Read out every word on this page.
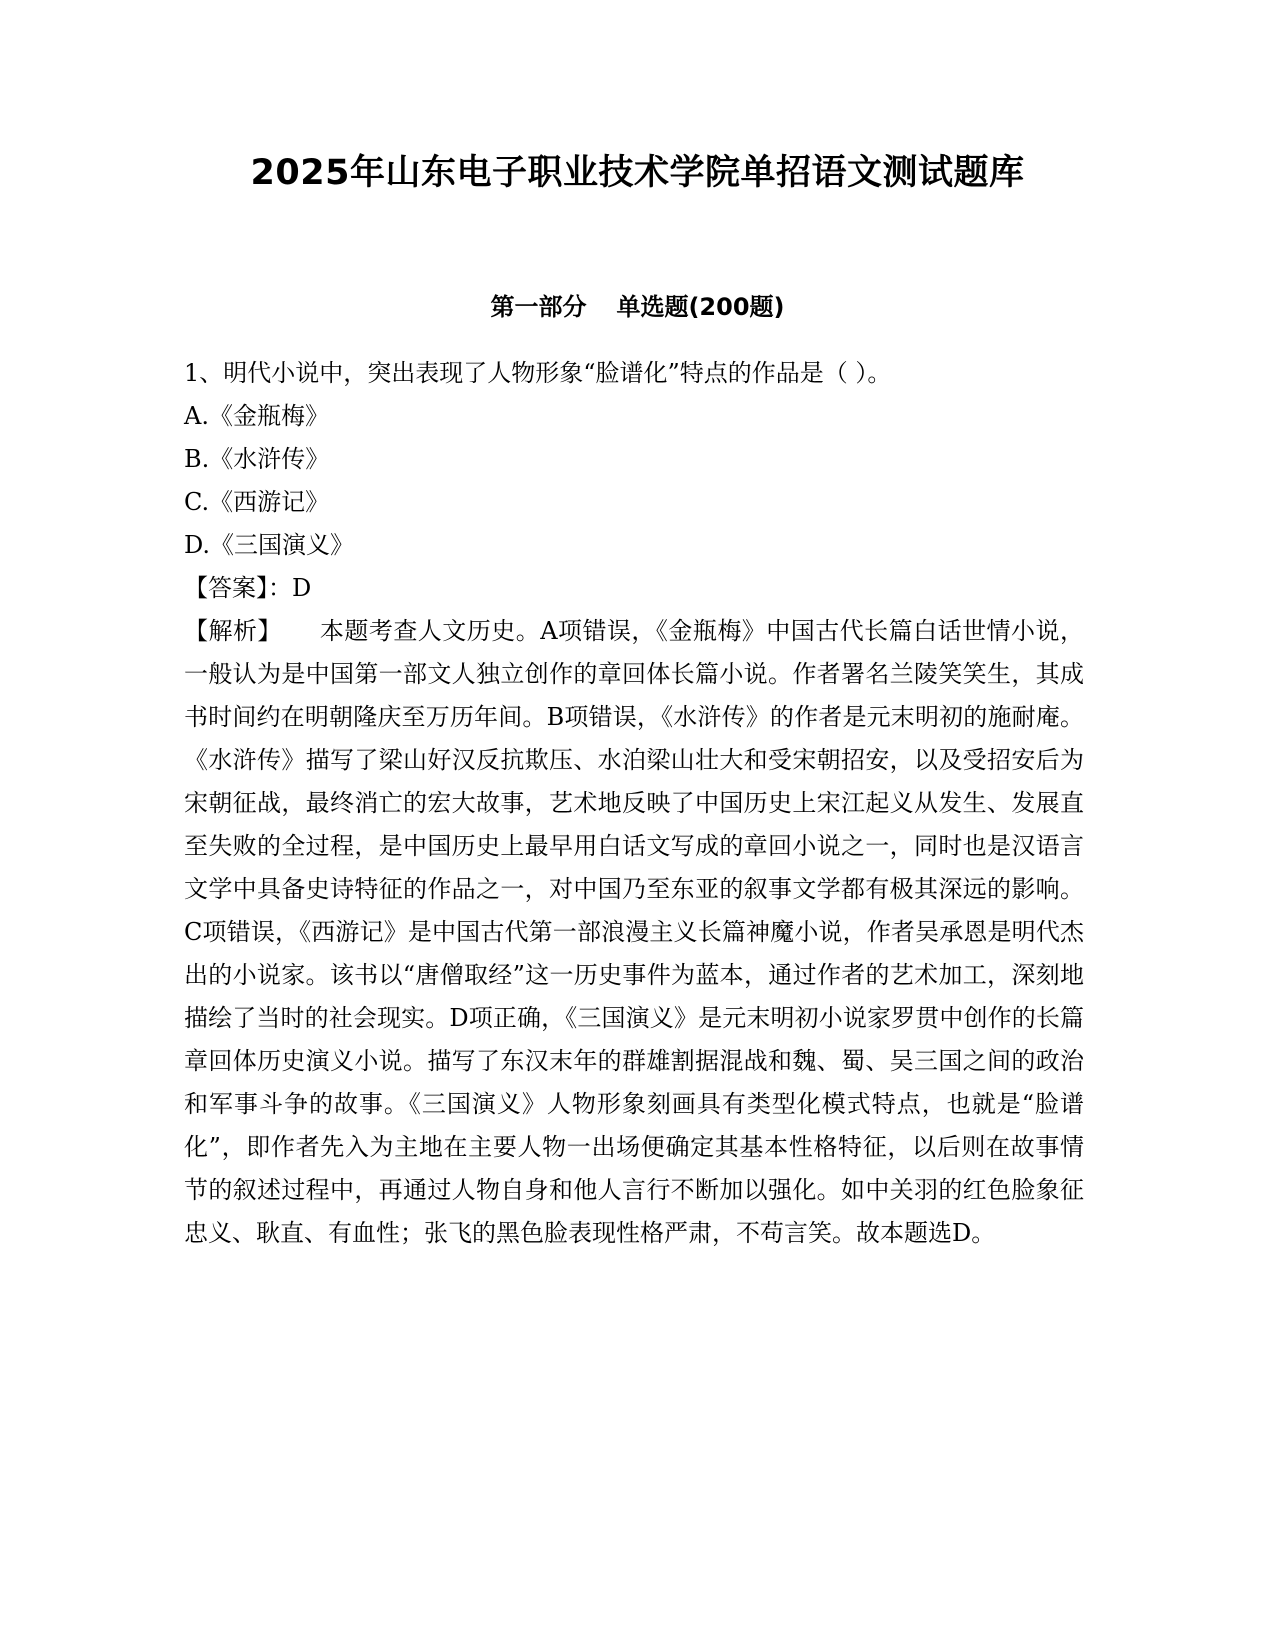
2025年山东电子职业技术学院单招语文测试题库
第一部分 单选题(200题)

1、明代小说中，突出表现了人物形象“脸谱化”特点的作品是（ ）。

A.《金瓶梅》

B.《水浒传》

C.《西游记》

D.《三国演义》

【答案】：D

【解析】 本题考查人文历史。A项错误，《金瓶梅》中国古代长篇白话世情小说，一般认为是中国第一部文人独立创作的章回体长篇小说。作者署名兰陵笑笑生，其成书时间约在明朝隆庆至万历年间。B项错误，《水浒传》的作者是元末明初的施耐庵。《水浒传》描写了梁山好汉反抗欺压、水泊梁山壮大和受宋朝招安，以及受招安后为宋朝征战，最终消亡的宏大故事，艺术地反映了中国历史上宋江起义从发生、发展直至失败的全过程，是中国历史上最早用白话文写成的章回小说之一，同时也是汉语言文学中具备史诗特征的作品之一，对中国乃至东亚的叙事文学都有极其深远的影响。C项错误，《西游记》是中国古代第一部浪漫主义长篇神魔小说，作者吴承恩是明代杰出的小说家。该书以“唐僧取经”这一历史事件为蓝本，通过作者的艺术加工，深刻地描绘了当时的社会现实。D项正确，《三国演义》是元末明初小说家罗贯中创作的长篇章回体历史演义小说。描写了东汉末年的群雄割据混战和魏、蜀、吴三国之间的政治和军事斗争的故事。《三国演义》人物形象刻画具有类型化模式特点，也就是“脸谱化”，即作者先入为主地在主要人物一出场便确定其基本性格特征，以后则在故事情节的叙述过程中，再通过人物自身和他人言行不断加以强化。如中关羽的红色脸象征忠义、耿直、有血性；张飞的黑色脸表现性格严肃，不苟言笑。故本题选D。
